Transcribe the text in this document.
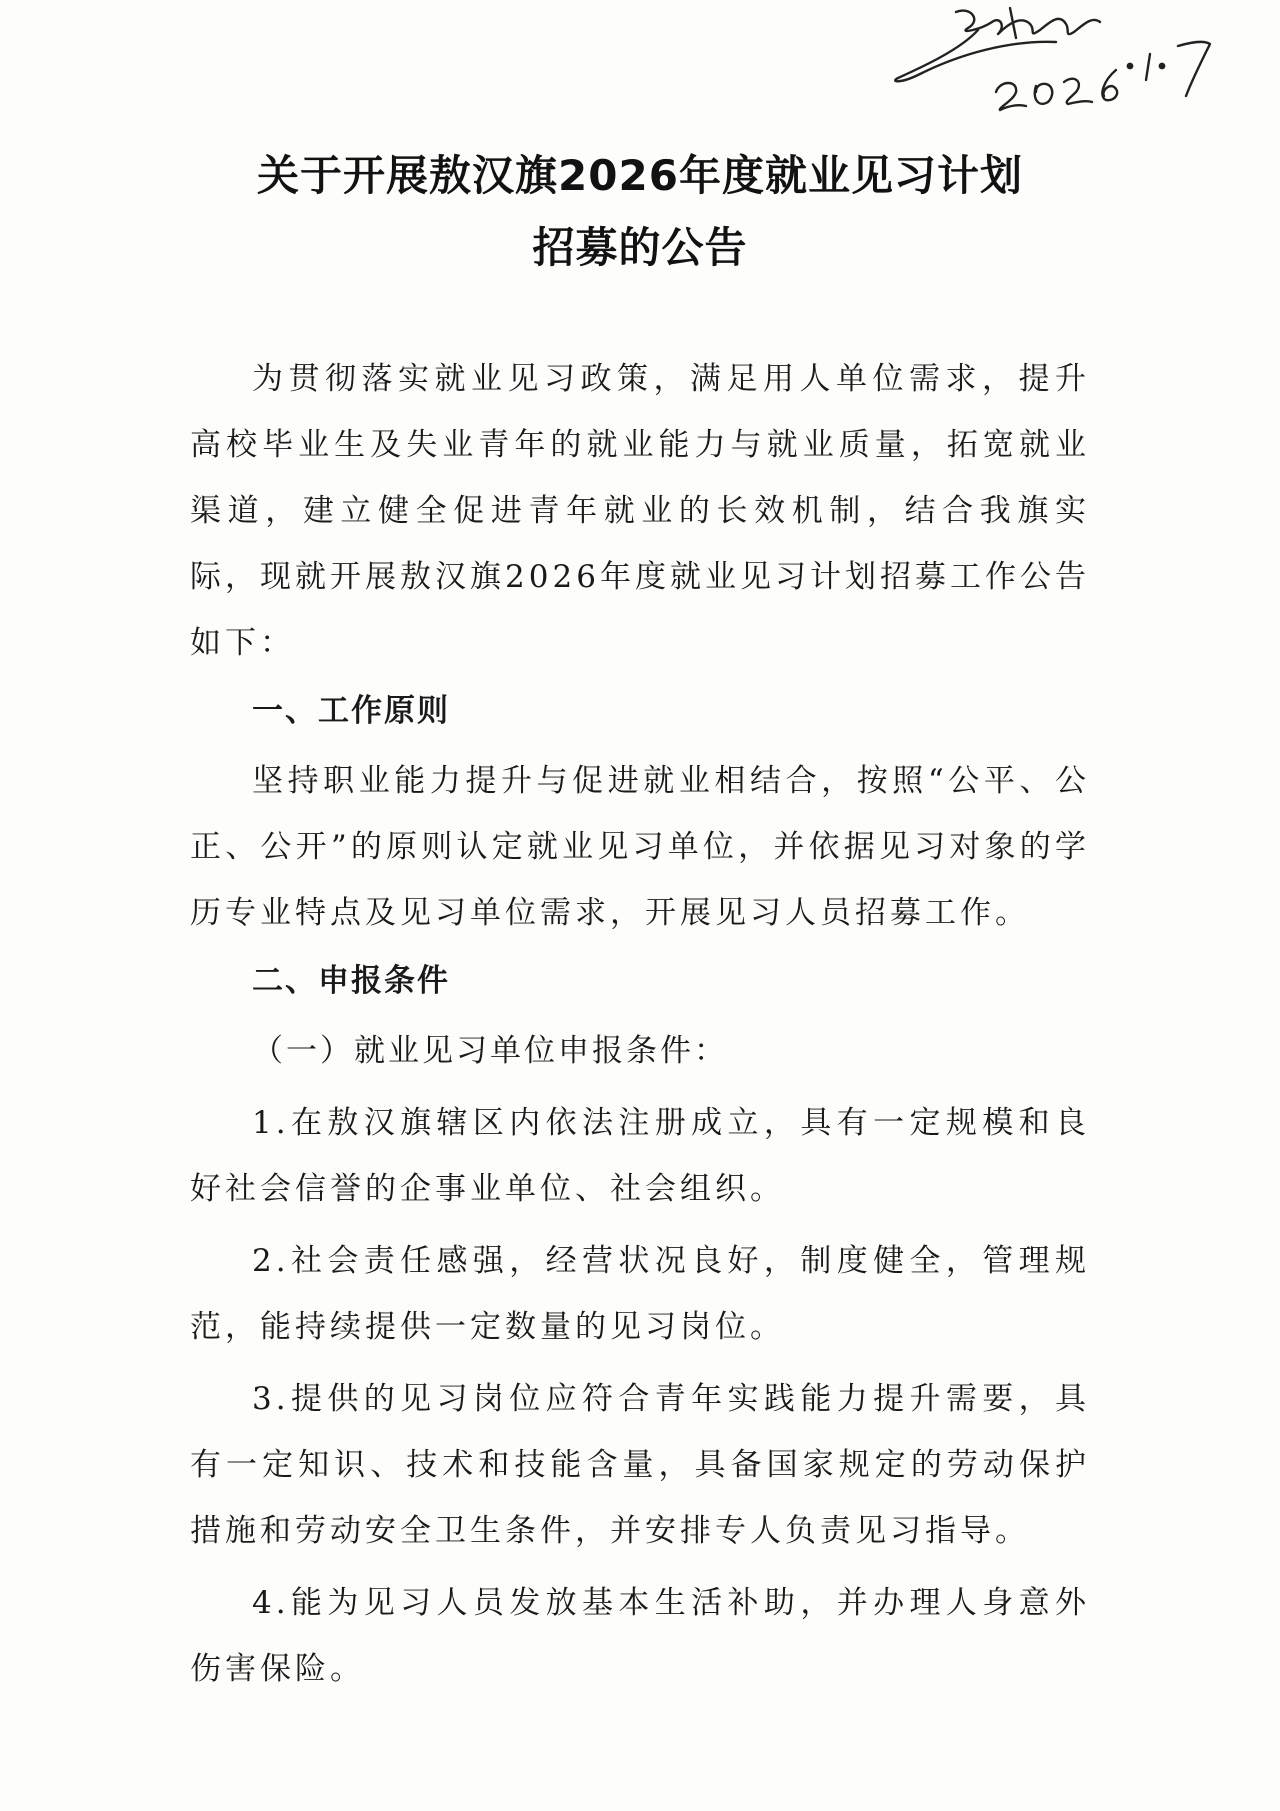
关于开展敖汉旗2026年度就业见习计划
招募的公告

为贯彻落实就业见习政策，满足用人单位需求，提升高校毕业生及失业青年的就业能力与就业质量，拓宽就业渠道，建立健全促进青年就业的长效机制，结合我旗实际，现就开展敖汉旗2026年度就业见习计划招募工作公告如下：

一、工作原则

坚持职业能力提升与促进就业相结合，按照“公平、公正、公开”的原则认定就业见习单位，并依据见习对象的学历专业特点及见习单位需求，开展见习人员招募工作。

二、申报条件

（一）就业见习单位申报条件：

1.在敖汉旗辖区内依法注册成立，具有一定规模和良好社会信誉的企事业单位、社会组织。

2.社会责任感强，经营状况良好，制度健全，管理规范，能持续提供一定数量的见习岗位。

3.提供的见习岗位应符合青年实践能力提升需要，具有一定知识、技术和技能含量，具备国家规定的劳动保护措施和劳动安全卫生条件，并安排专人负责见习指导。

4.能为见习人员发放基本生活补助，并办理人身意外伤害保险。
